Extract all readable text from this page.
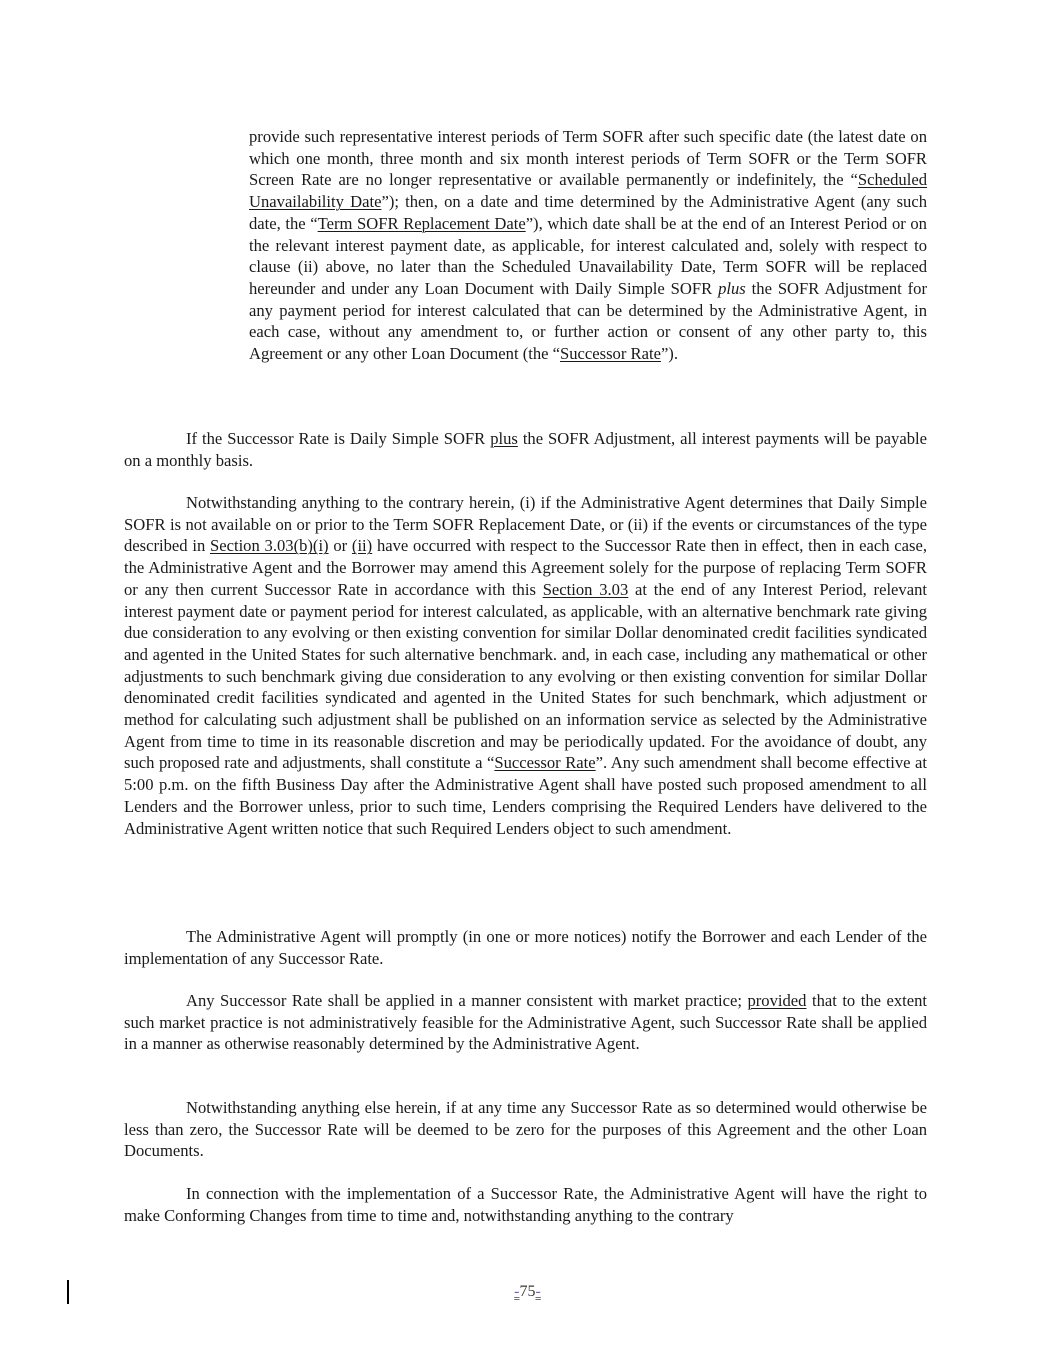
provide such representative interest periods of Term SOFR after such specific date (the latest date on which one month, three month and six month interest periods of Term SOFR or the Term SOFR Screen Rate are no longer representative or available permanently or indefinitely, the “Scheduled Unavailability Date”); then, on a date and time determined by the Administrative Agent (any such date, the “Term SOFR Replacement Date”), which date shall be at the end of an Interest Period or on the relevant interest payment date, as applicable, for interest calculated and, solely with respect to clause (ii) above, no later than the Scheduled Unavailability Date, Term SOFR will be replaced hereunder and under any Loan Document with Daily Simple SOFR plus the SOFR Adjustment for any payment period for interest calculated that can be determined by the Administrative Agent, in each case, without any amendment to, or further action or consent of any other party to, this Agreement or any other Loan Document (the “Successor Rate”).

If the Successor Rate is Daily Simple SOFR plus the SOFR Adjustment, all interest payments will be payable on a monthly basis.

Notwithstanding anything to the contrary herein, (i) if the Administrative Agent determines that Daily Simple SOFR is not available on or prior to the Term SOFR Replacement Date, or (ii) if the events or circumstances of the type described in Section 3.03(b)(i) or (ii) have occurred with respect to the Successor Rate then in effect, then in each case, the Administrative Agent and the Borrower may amend this Agreement solely for the purpose of replacing Term SOFR or any then current Successor Rate in accordance with this Section 3.03 at the end of any Interest Period, relevant interest payment date or payment period for interest calculated, as applicable, with an alternative benchmark rate giving due consideration to any evolving or then existing convention for similar Dollar denominated credit facilities syndicated and agented in the United States for such alternative benchmark. and, in each case, including any mathematical or other adjustments to such benchmark giving due consideration to any evolving or then existing convention for similar Dollar denominated credit facilities syndicated and agented in the United States for such benchmark, which adjustment or method for calculating such adjustment shall be published on an information service as selected by the Administrative Agent from time to time in its reasonable discretion and may be periodically updated. For the avoidance of doubt, any such proposed rate and adjustments, shall constitute a “Successor Rate”. Any such amendment shall become effective at 5:00 p.m. on the fifth Business Day after the Administrative Agent shall have posted such proposed amendment to all Lenders and the Borrower unless, prior to such time, Lenders comprising the Required Lenders have delivered to the Administrative Agent written notice that such Required Lenders object to such amendment.

The Administrative Agent will promptly (in one or more notices) notify the Borrower and each Lender of the implementation of any Successor Rate.

Any Successor Rate shall be applied in a manner consistent with market practice; provided that to the extent such market practice is not administratively feasible for the Administrative Agent, such Successor Rate shall be applied in a manner as otherwise reasonably determined by the Administrative Agent.

Notwithstanding anything else herein, if at any time any Successor Rate as so determined would otherwise be less than zero, the Successor Rate will be deemed to be zero for the purposes of this Agreement and the other Loan Documents.

In connection with the implementation of a Successor Rate, the Administrative Agent will have the right to make Conforming Changes from time to time and, notwithstanding anything to the contrary

-75-
